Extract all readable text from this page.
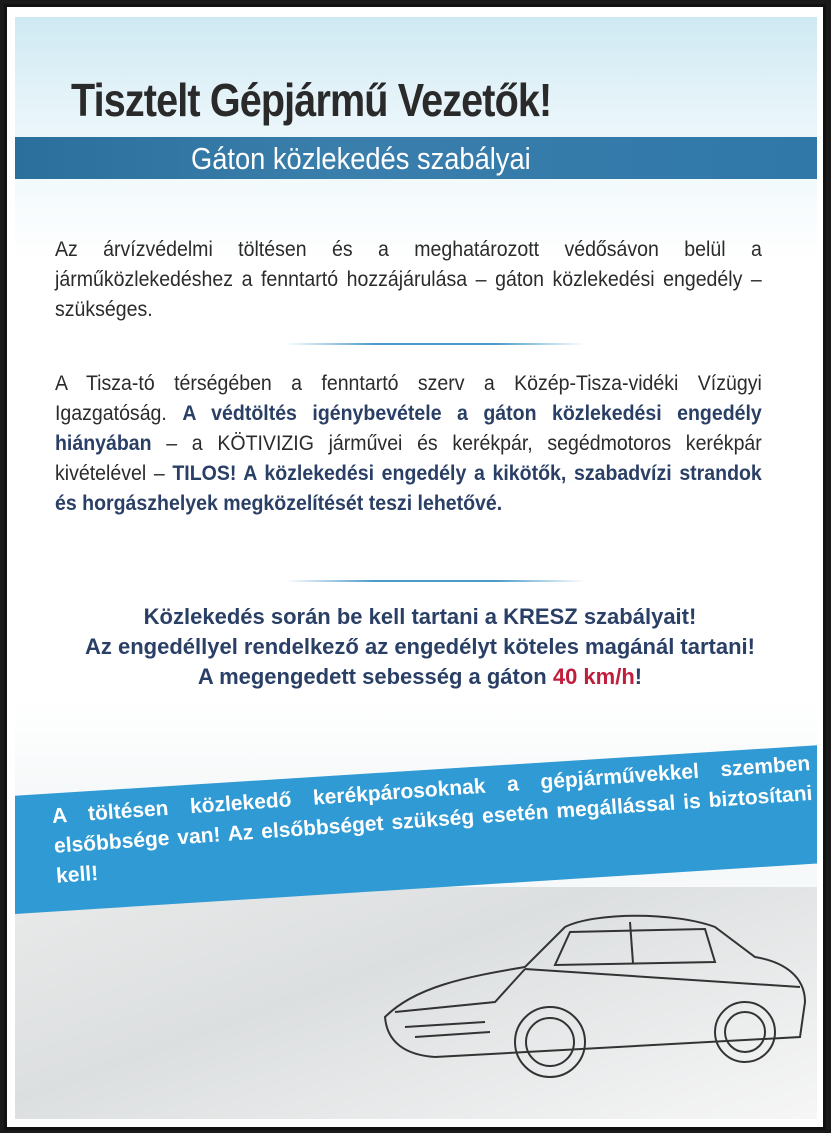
Tisztelt Gépjármű Vezetők!
Gáton közlekedés szabályai
Az árvízvédelmi töltésen és a meghatározott védősávon belül a járműközlekedéshez a fenntartó hozzájárulása – gáton közlekedési engedély – szükséges.
A Tisza-tó térségében a fenntartó szerv a Közép-Tisza-vidéki Vízügyi Igazgatóság. A védtöltés igénybevétele a gáton közlekedési engedély hiányában – a KÖTIVIZIG járművei és kerékpár, segédmotoros kerékpár kivételével – TILOS! A közlekedési engedély a kikötők, szabadvízi strandok és horgászhelyek megközelítését teszi lehetővé.
Közlekedés során be kell tartani a KRESZ szabályait!
Az engedéllyel rendelkező az engedélyt köteles magánál tartani!
A megengedett sebesség a gáton 40 km/h!
A töltésen közlekedő kerékpárosoknak a gépjárművekkel szemben elsőbbsége van! Az elsőbbséget szükség esetén megállással is biztosítani kell!
